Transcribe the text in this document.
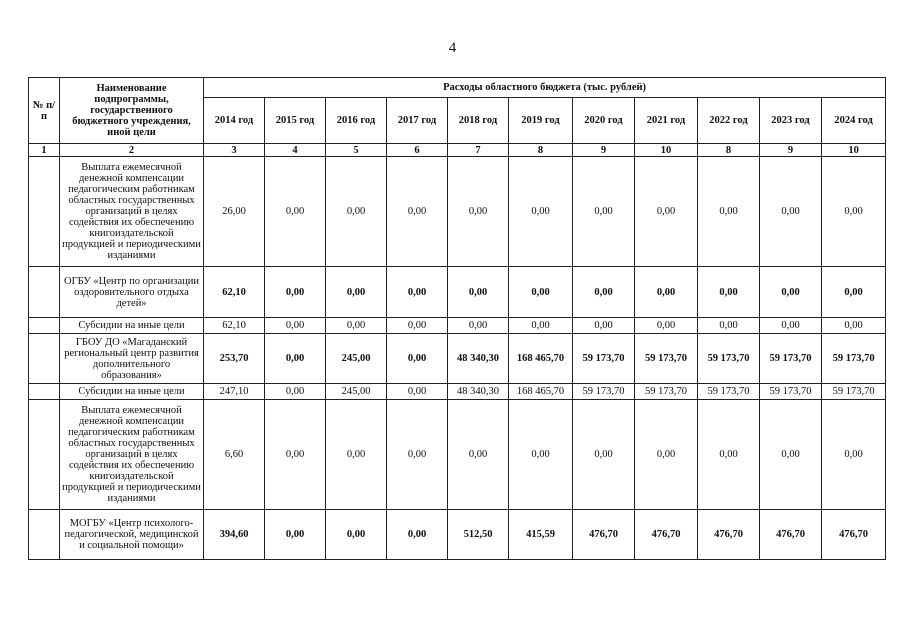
4
№ п/п	Наименование подпрограммы, государственного бюджетного учреждения, иной цели	Расходы областного бюджета (тыс. рублей)										
		2014 год	2015 год	2016 год	2017 год	2018 год	2019 год	2020 год	2021 год	2022 год	2023 год	2024 год
1	2	3	4	5	6	7	8	9	10	8	9	10
	Выплата ежемесячной денежной компенсации педагогическим работникам областных государственных организаций в целях содействия их обеспечению книгоиздательской продукцией и периодическими изданиями	26,00	0,00	0,00	0,00	0,00	0,00	0,00	0,00	0,00	0,00	0,00
	ОГБУ «Центр по организации оздоровительного отдыха детей»	62,10	0,00	0,00	0,00	0,00	0,00	0,00	0,00	0,00	0,00	0,00
	Субсидии на иные цели	62,10	0,00	0,00	0,00	0,00	0,00	0,00	0,00	0,00	0,00	0,00
	ГБОУ ДО «Магаданский региональный центр развития дополнительного образования»	253,70	0,00	245,00	0,00	48 340,30	168 465,70	59 173,70	59 173,70	59 173,70	59 173,70	59 173,70
	Субсидии на иные цели	247,10	0,00	245,00	0,00	48 340,30	168 465,70	59 173,70	59 173,70	59 173,70	59 173,70	59 173,70
	Выплата ежемесячной денежной компенсации педагогическим работникам областных государственных организаций в целях содействия их обеспечению книгоиздательской продукцией и периодическими изданиями	6,60	0,00	0,00	0,00	0,00	0,00	0,00	0,00	0,00	0,00	0,00
	МОГБУ «Центр психолого-педагогической, медицинской и социальной помощи»	394,60	0,00	0,00	0,00	512,50	415,59	476,70	476,70	476,70	476,70	476,70
